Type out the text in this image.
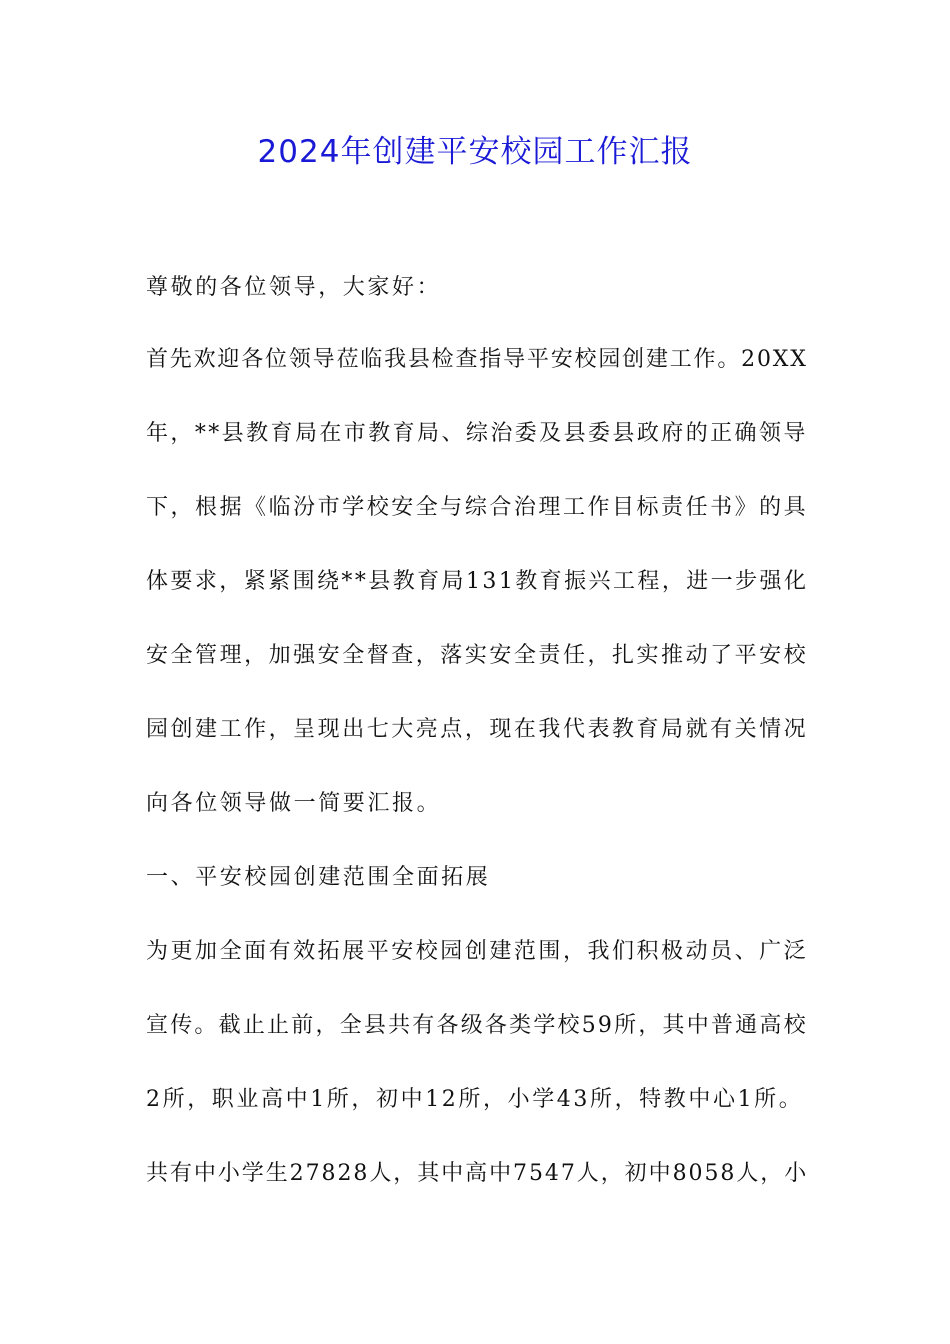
2024年创建平安校园工作汇报
尊敬的各位领导，大家好：
首先欢迎各位领导莅临我县检查指导平安校园创建工作。20XX
年，**县教育局在市教育局、综治委及县委县政府的正确领导
下，根据《临汾市学校安全与综合治理工作目标责任书》的具
体要求，紧紧围绕**县教育局131教育振兴工程，进一步强化
安全管理，加强安全督查，落实安全责任，扎实推动了平安校
园创建工作，呈现出七大亮点，现在我代表教育局就有关情况
向各位领导做一简要汇报。
一、平安校园创建范围全面拓展
为更加全面有效拓展平安校园创建范围，我们积极动员、广泛
宣传。截止止前，全县共有各级各类学校59所，其中普通高校
2所，职业高中1所，初中12所，小学43所，特教中心1所。
共有中小学生27828人，其中高中7547人，初中8058人，小
